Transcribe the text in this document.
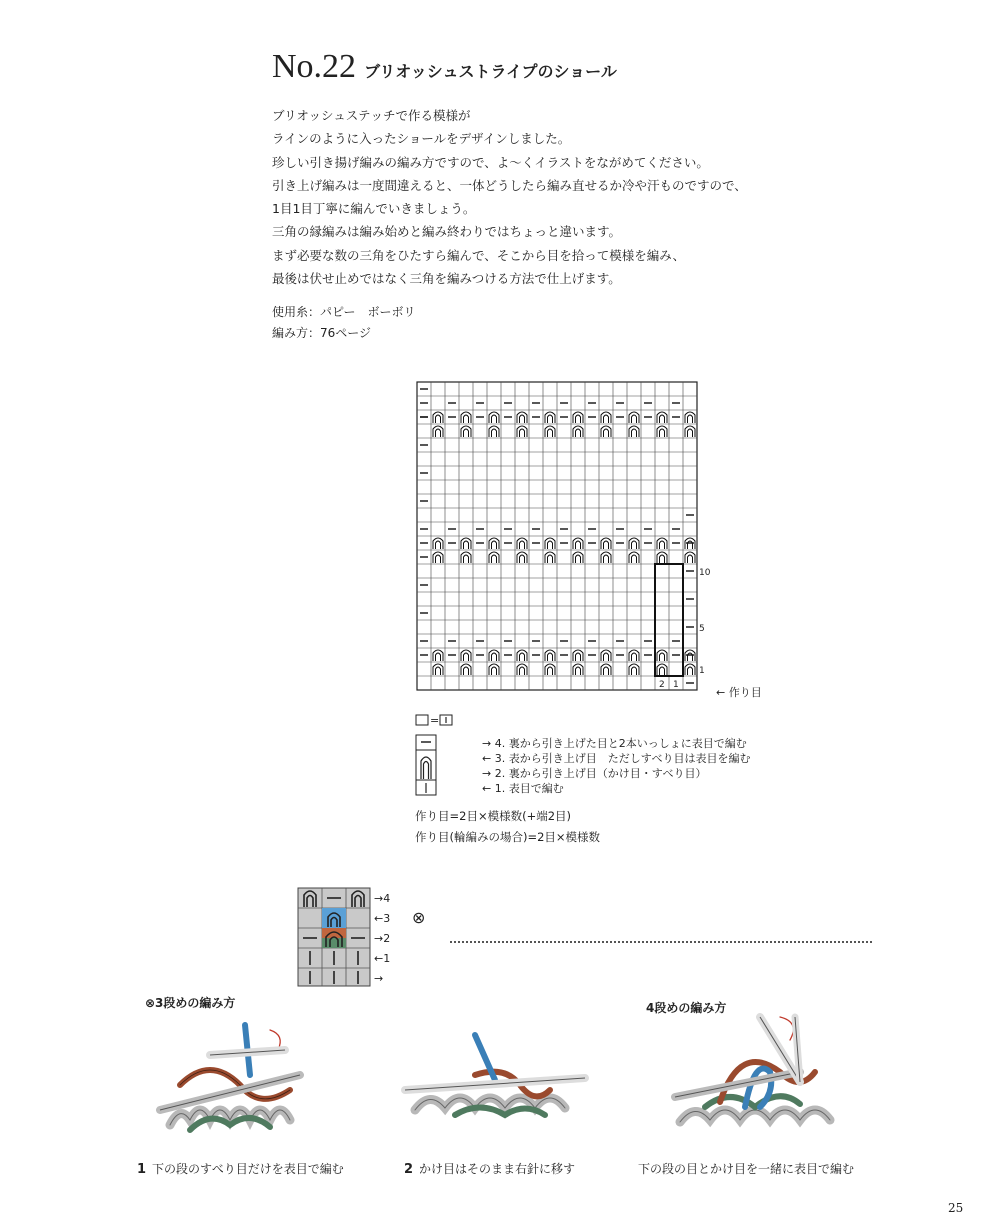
No.22 ブリオッシュストライプのショール
ブリオッシュステッチで作る模様が
ラインのように入ったショールをデザインしました。
珍しい引き揚げ編みの編み方ですので、よ〜くイラストをながめてください。
引き上げ編みは一度間違えると、一体どうしたら編み直せるか冷や汗ものですので、
1目1目丁寧に編んでいきましょう。
三角の縁編みは編み始めと編み終わりではちょっと違います。
まず必要な数の三角をひたすら編んで、そこから目を拾って模様を編み、
最後は伏せ止めではなく三角を編みつける方法で仕上げます。
使用糸：パピー　ボーボリ
編み方：76ページ
10
5
1
2 1
← 作り目
=
→ 4. 裏から引き上げた目と2本いっしょに表目で編む
← 3. 表から引き上げ目　ただしすべり目は表目を編む
→ 2. 裏から引き上げ目（かけ目・すべり目）
← 1. 表目で編む
作り目=2目×模様数(+端2目)
作り目(輪編みの場合)=2目×模様数
→4
←3
→2
←1
→
⊗
⊗3段めの編み方	4段めの編み方
1 下の段のすべり目だけを表目で編む	2 かけ目はそのまま右針に移す	下の段の目とかけ目を一緒に表目で編む
25
